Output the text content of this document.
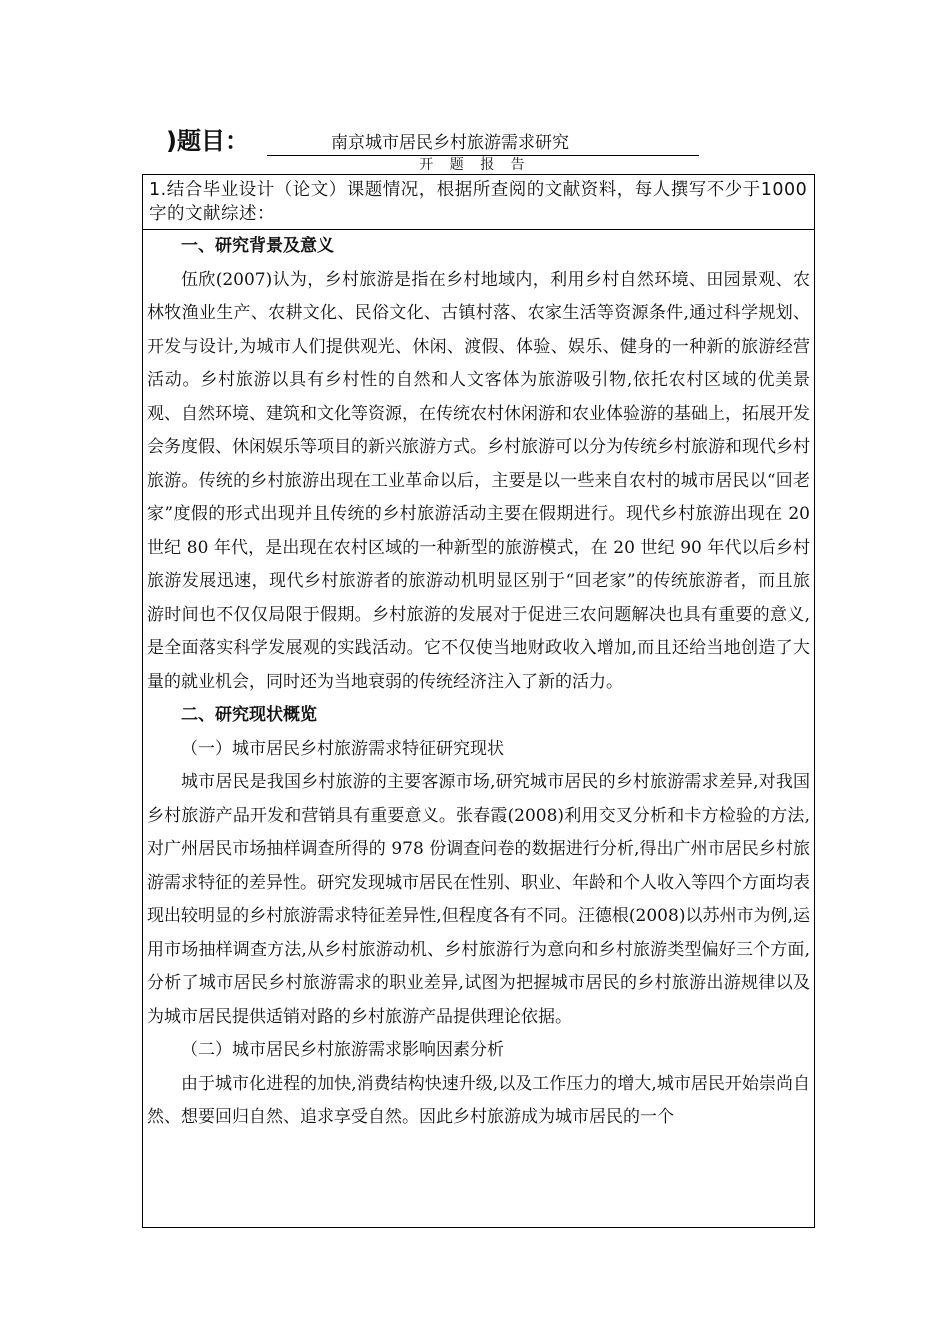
)题目：	南京城市居民乡村旅游需求研究
开 题 报 告
1.结合毕业设计（论文）课题情况，根据所查阅的文献资料，每人撰写不少于1000字的文献综述：

一、研究背景及意义

伍欣(2007)认为，乡村旅游是指在乡村地域内，利用乡村自然环境、田园景观、农林牧渔业生产、农耕文化、民俗文化、古镇村落、农家生活等资源条件,通过科学规划、开发与设计,为城市人们提供观光、休闲、渡假、体验、娱乐、健身的一种新的旅游经营活动。乡村旅游以具有乡村性的自然和人文客体为旅游吸引物,依托农村区域的优美景观、自然环境、建筑和文化等资源，在传统农村休闲游和农业体验游的基础上，拓展开发会务度假、休闲娱乐等项目的新兴旅游方式。乡村旅游可以分为传统乡村旅游和现代乡村旅游。传统的乡村旅游出现在工业革命以后，主要是以一些来自农村的城市居民以“回老家”度假的形式出现并且传统的乡村旅游活动主要在假期进行。现代乡村旅游出现在 20 世纪 80 年代，是出现在农村区域的一种新型的旅游模式，在 20 世纪 90 年代以后乡村旅游发展迅速，现代乡村旅游者的旅游动机明显区别于“回老家”的传统旅游者，而且旅游时间也不仅仅局限于假期。乡村旅游的发展对于促进三农问题解决也具有重要的意义,是全面落实科学发展观的实践活动。它不仅使当地财政收入增加,而且还给当地创造了大量的就业机会，同时还为当地衰弱的传统经济注入了新的活力。

二、研究现状概览

（一）城市居民乡村旅游需求特征研究现状

城市居民是我国乡村旅游的主要客源市场,研究城市居民的乡村旅游需求差异,对我国乡村旅游产品开发和营销具有重要意义。张春霞(2008)利用交叉分析和卡方检验的方法,对广州居民市场抽样调查所得的 978 份调查问卷的数据进行分析,得出广州市居民乡村旅游需求特征的差异性。研究发现城市居民在性别、职业、年龄和个人收入等四个方面均表现出较明显的乡村旅游需求特征差异性,但程度各有不同。汪德根(2008)以苏州市为例,运用市场抽样调查方法,从乡村旅游动机、乡村旅游行为意向和乡村旅游类型偏好三个方面,分析了城市居民乡村旅游需求的职业差异,试图为把握城市居民的乡村旅游出游规律以及为城市居民提供适销对路的乡村旅游产品提供理论依据。

（二）城市居民乡村旅游需求影响因素分析

由于城市化进程的加快,消费结构快速升级,以及工作压力的增大,城市居民开始崇尚自然、想要回归自然、追求享受自然。因此乡村旅游成为城市居民的一个
